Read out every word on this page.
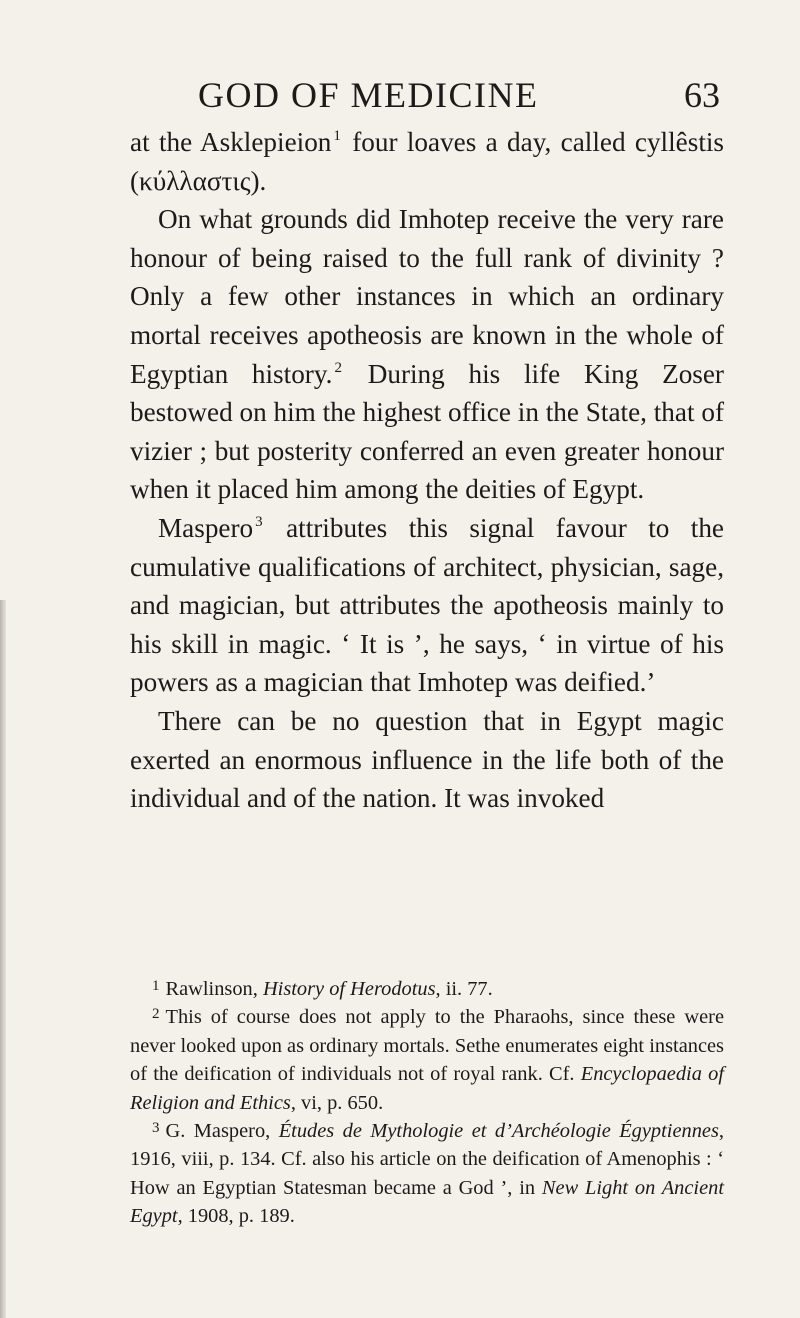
GOD OF MEDICINE	63

at the Asklepieion $^1$ four loaves a day, called cyllêstis (κύλλαστις).

On what grounds did Imhotep receive the very rare honour of being raised to the full rank of divinity ? Only a few other instances in which an ordinary mortal receives apotheosis are known in the whole of Egyptian history. $^2$ During his life King Zoser bestowed on him the highest office in the State, that of vizier ; but posterity conferred an even greater honour when it placed him among the deities of Egypt.

Maspero $^3$ attributes this signal favour to the cumulative qualifications of architect, physician, sage, and magician, but attributes the apotheosis mainly to his skill in magic. ‘ It is ’, he says, ‘ in virtue of his powers as a magician that Imhotep was deified.’

There can be no question that in Egypt magic exerted an enormous influence in the life both of the individual and of the nation. It was invoked

$^1$ Rawlinson, History of Herodotus, ii. 77.

$^2$ This of course does not apply to the Pharaohs, since these were never looked upon as ordinary mortals. Sethe enumerates eight instances of the deification of individuals not of royal rank. Cf. Encyclopaedia of Religion and Ethics, vi, p. 650.

$^3$ G. Maspero, Études de Mythologie et d’Archéologie Égyptiennes, 1916, viii, p. 134. Cf. also his article on the deification of Amenophis : ‘ How an Egyptian Statesman became a God ’, in New Light on Ancient Egypt, 1908, p. 189.
